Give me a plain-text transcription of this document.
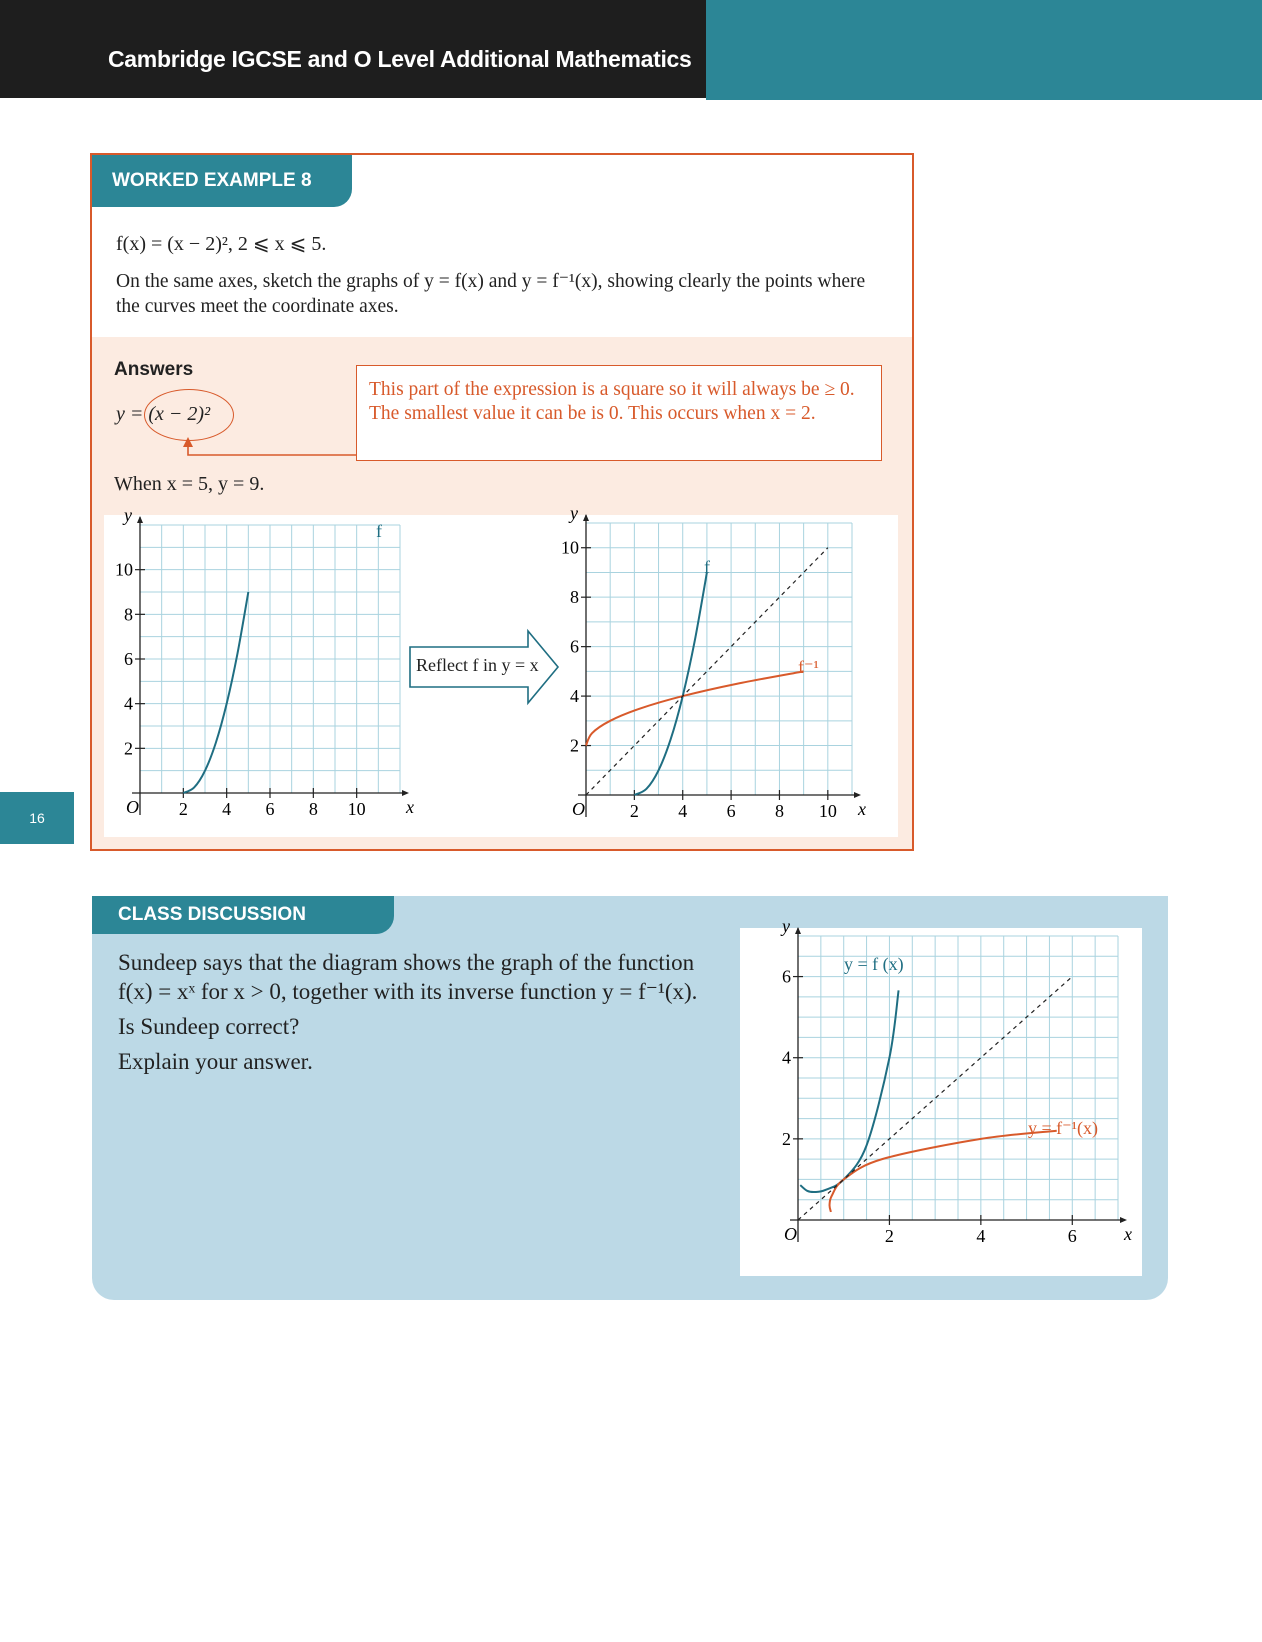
Cambridge IGCSE and O Level Additional Mathematics
16
WORKED EXAMPLE 8
f(x) = (x − 2)², 2 ⩽ x ⩽ 5.
On the same axes, sketch the graphs of y = f(x) and y = f⁻¹(x), showing clearly the points where the curves meet the coordinate axes.
Answers
y = (x − 2)²
This part of the expression is a square so it will always be ≥ 0. The smallest value it can be is 0. This occurs when x = 2.
When x = 5, y = 9.
O 2 4 6 8 10
2
4
6
8
10
x
y
f
Reflect f in y = x
O 2 4 6 8 10
2
4
6
8
10
x
y
f
f⁻¹
CLASS DISCUSSION

Sundeep says that the diagram shows the graph of the function f(x) = xˣ for x > 0, together with its inverse function y = f⁻¹(x).

Is Sundeep correct?

Explain your answer.

O	2	4	6
2
4
6
x
y
y = f (x)
y = f⁻¹(x)
